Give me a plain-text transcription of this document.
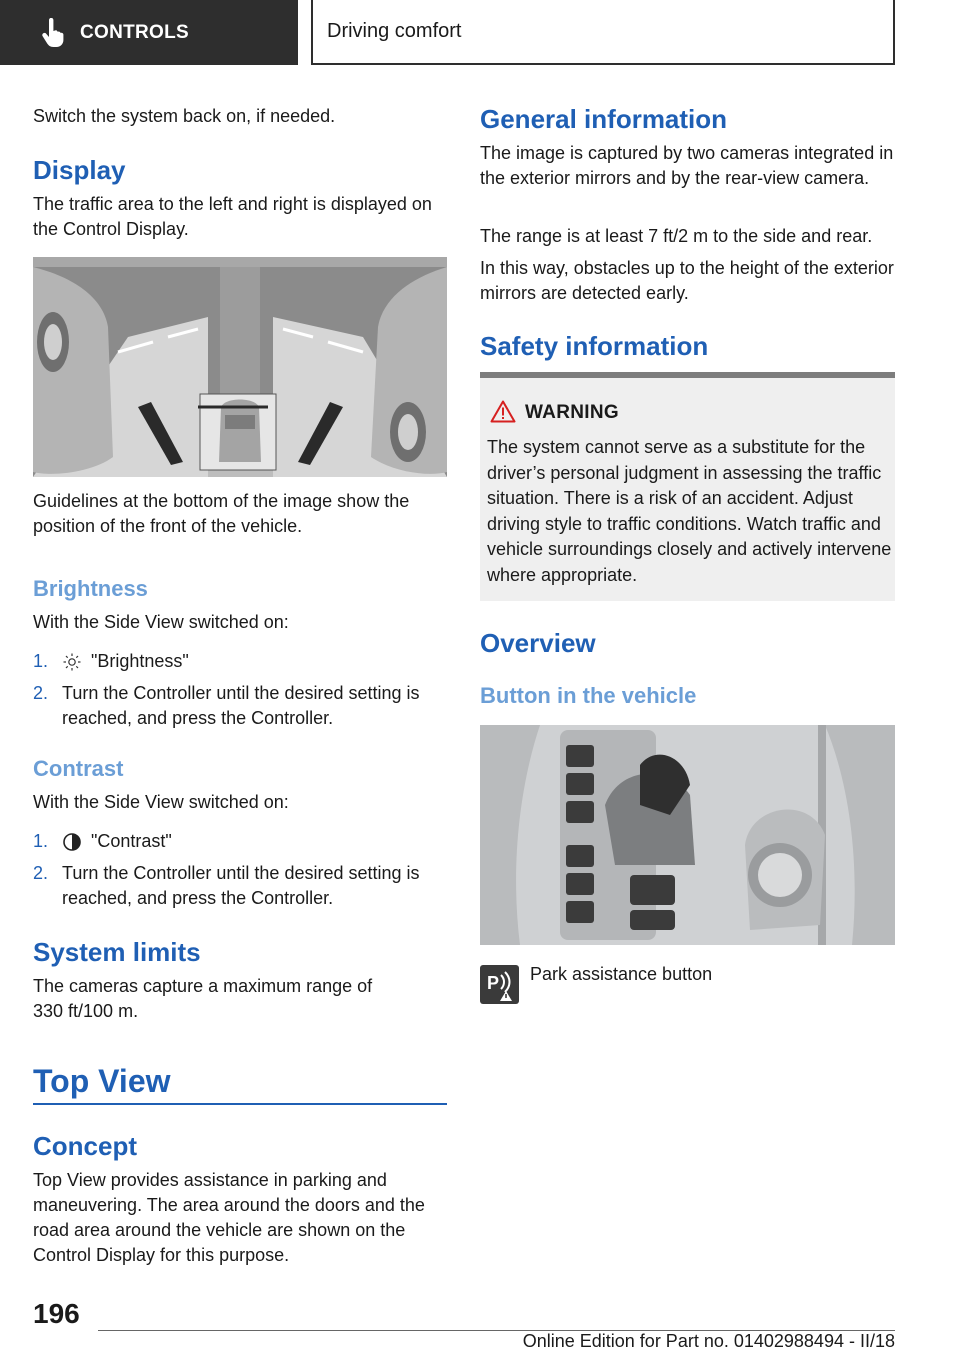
CONTROLS	Driving comfort
Switch the system back on, if needed.
Display
The traffic area to the left and right is displayed on the Control Display.
Guidelines at the bottom of the image show the position of the front of the vehicle.
Brightness
With the Side View switched on:
1. "Brightness"
2. Turn the Controller until the desired setting is reached, and press the Controller.
Contrast
With the Side View switched on:
1. "Contrast"
2. Turn the Controller until the desired setting is reached, and press the Controller.
System limits
The cameras capture a maximum range of 330 ft/100 m.
Top View
Concept
Top View provides assistance in parking and maneuvering. The area around the doors and the road area around the vehicle are shown on the Control Display for this purpose.
General information
The image is captured by two cameras integrated in the exterior mirrors and by the rear-view camera.
The range is at least 7 ft/2 m to the side and rear.
In this way, obstacles up to the height of the exterior mirrors are detected early.
Safety information
WARNING
The system cannot serve as a substitute for the driver’s personal judgment in assessing the traffic situation. There is a risk of an accident. Adjust driving style to traffic conditions. Watch traffic and vehicle surroundings closely and actively intervene where appropriate.
Overview
Button in the vehicle
P Park assistance button
196
Online Edition for Part no. 01402988494 - II/18
